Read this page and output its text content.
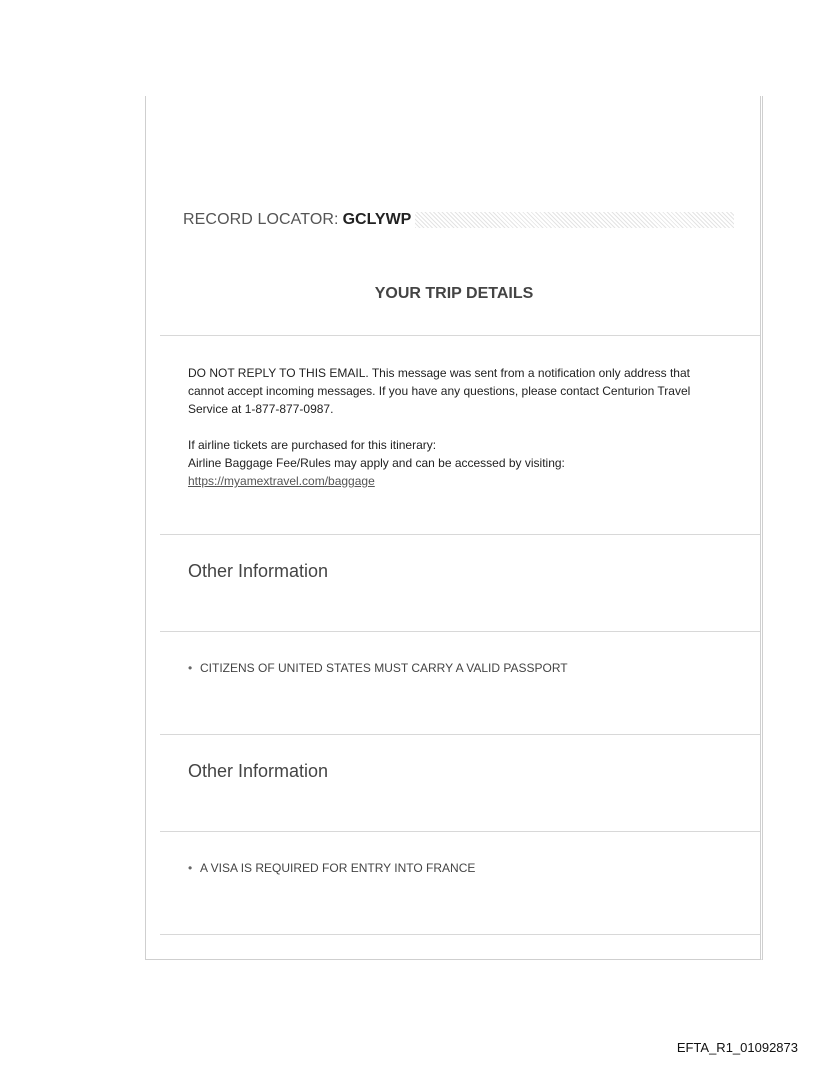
RECORD LOCATOR: GCLYWP
YOUR TRIP DETAILS

DO NOT REPLY TO THIS EMAIL. This message was sent from a notification only address that cannot accept incoming messages. If you have any questions, please contact Centurion Travel Service at 1-877-877-0987.

If airline tickets are purchased for this itinerary:

Airline Baggage Fee/Rules may apply and can be accessed by visiting:

https://myamextravel.com/baggage

Other Information
• CITIZENS OF UNITED STATES MUST CARRY A VALID PASSPORT
Other Information
• A VISA IS REQUIRED FOR ENTRY INTO FRANCE
EFTA_R1_01092873
